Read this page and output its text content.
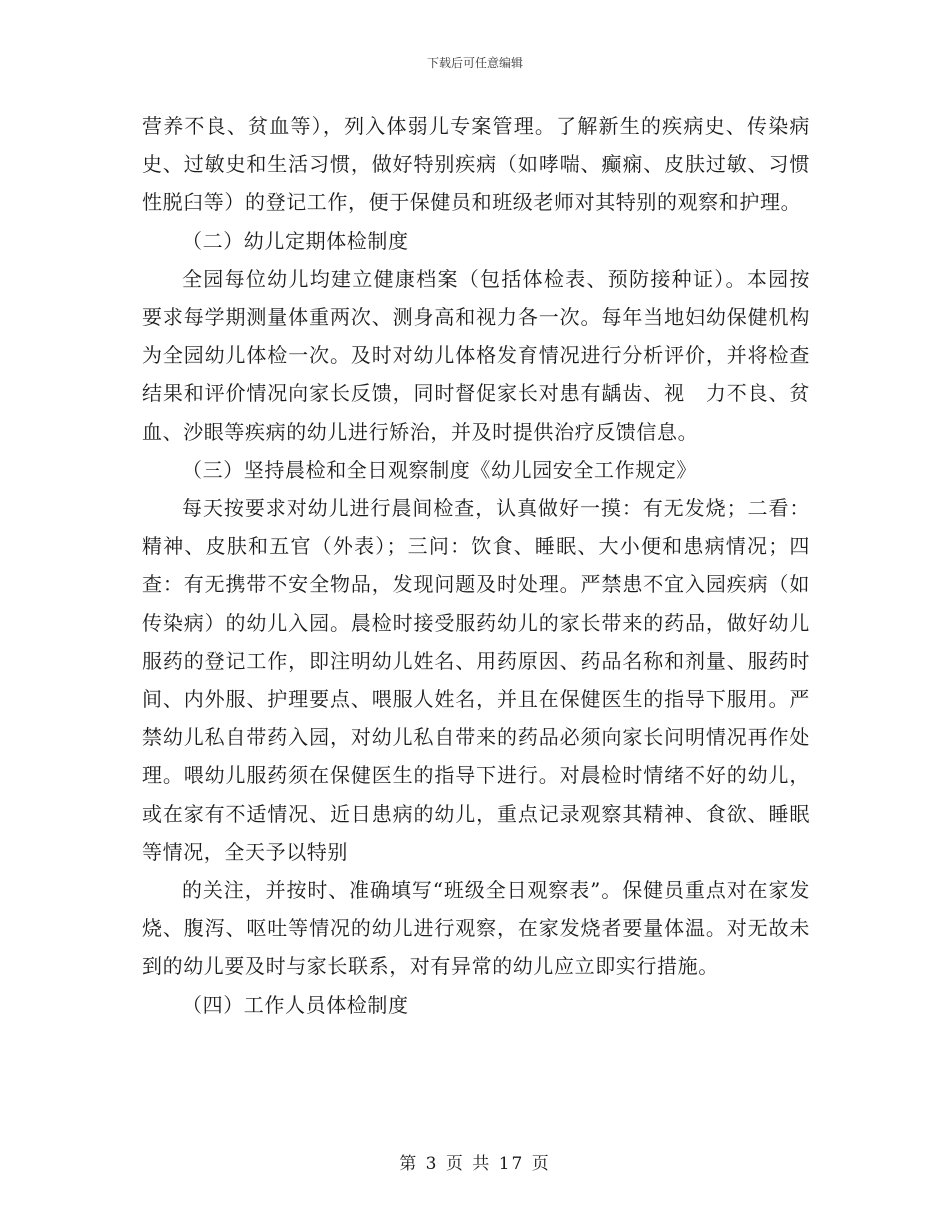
下载后可任意编辑

营养不良、贫血等），列入体弱儿专案管理。了解新生的疾病史、传染病史、过敏史和生活习惯，做好特别疾病（如哮喘、癫痫、皮肤过敏、习惯性脱臼等）的登记工作，便于保健员和班级老师对其特别的观察和护理。

（二）幼儿定期体检制度

全园每位幼儿均建立健康档案（包括体检表、预防接种证）。本园按要求每学期测量体重两次、测身高和视力各一次。每年当地妇幼保健机构为全园幼儿体检一次。及时对幼儿体格发育情况进行分析评价，并将检查结果和评价情况向家长反馈，同时督促家长对患有龋齿、视　力不良、贫血、沙眼等疾病的幼儿进行矫治，并及时提供治疗反馈信息。

（三）坚持晨检和全日观察制度《幼儿园安全工作规定》

每天按要求对幼儿进行晨间检查，认真做好一摸：有无发烧；二看：精神、皮肤和五官（外表）；三问：饮食、睡眠、大小便和患病情况；四查：有无携带不安全物品，发现问题及时处理。严禁患不宜入园疾病（如传染病）的幼儿入园。晨检时接受服药幼儿的家长带来的药品，做好幼儿服药的登记工作，即注明幼儿姓名、用药原因、药品名称和剂量、服药时间、内外服、护理要点、喂服人姓名，并且在保健医生的指导下服用。严禁幼儿私自带药入园，对幼儿私自带来的药品必须向家长问明情况再作处理。喂幼儿服药须在保健医生的指导下进行。对晨检时情绪不好的幼儿，或在家有不适情况、近日患病的幼儿，重点记录观察其精神、食欲、睡眠等情况，全天予以特别

的关注，并按时、准确填写“班级全日观察表”。保健员重点对在家发烧、腹泻、呕吐等情况的幼儿进行观察，在家发烧者要量体温。对无故未到的幼儿要及时与家长联系，对有异常的幼儿应立即实行措施。

（四）工作人员体检制度

第 3 页 共 17 页
